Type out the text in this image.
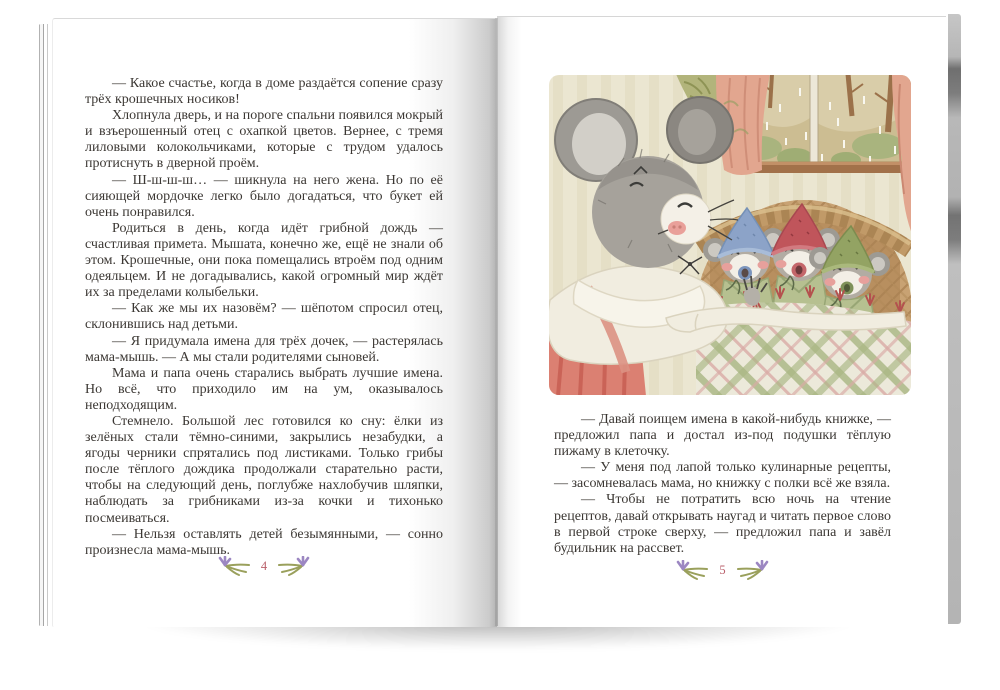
— Какое счастье, когда в доме раздаётся сопение сразу трёх крошечных носиков!

Хлопнула дверь, и на пороге спальни появился мокрый и взъерошенный отец с охапкой цветов. Вернее, с тремя лиловыми колокольчиками, которые с трудом удалось протиснуть в дверной проём.

— Ш-ш-ш-ш… — шикнула на него жена. Но по её сияющей мордочке легко было догадаться, что букет ей очень понравился.

Родиться в день, когда идёт грибной дождь — счастливая примета. Мышата, конечно же, ещё не знали об этом. Крошечные, они пока помещались втроём под одним одеяльцем. И не догадывались, какой огромный мир ждёт их за пределами колыбельки.

— Как же мы их назовём? — шёпотом спросил отец, склонившись над детьми.

— Я придумала имена для трёх дочек, — растерялась мама-мышь. — А мы стали родителями сыновей.

Мама и папа очень старались выбрать лучшие имена. Но всё, что приходило им на ум, оказывалось неподходящим.

Стемнело. Большой лес готовился ко сну: ёлки из зелёных стали тёмно-синими, закрылись незабудки, а ягоды черники спрятались под листиками. Только грибы после тёплого дождика продолжали старательно расти, чтобы на следующий день, поглубже нахлобучив шляпки, наблюдать за грибниками из-за кочки и тихонько посмеиваться.

— Нельзя оставлять детей безымянными, — сонно произнесла мама-мышь.

4

— Давай поищем имена в какой-нибудь книжке, — предложил папа и достал из-под подушки тёплую пижаму в клеточку.

— У меня под лапой только кулинарные рецепты, — засомневалась мама, но книжку с полки всё же взяла.

— Чтобы не потратить всю ночь на чтение рецептов, давай открывать наугад и читать первое слово в первой строке сверху, — предложил папа и завёл будильник на рассвет.

5
